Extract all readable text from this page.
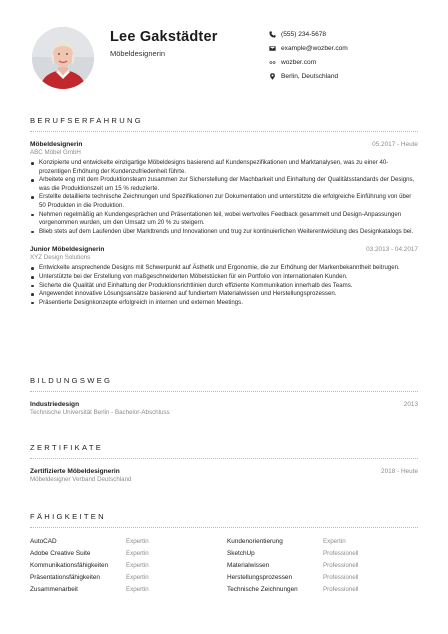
Lee Gakstädter
Möbeldesignerin
(555) 234-5678
example@wozber.com
wozber.com
Berlin, Deutschland
BERUFSERFAHRUNG
Möbeldesignerin	05.2017 - Heute
ABC Möbel GmbH
Konzipierte und entwickelte einzigartige Möbeldesigns basierend auf Kundenspezifikationen und Marktanalysen, was zu einer 40-prozentigen Erhöhung der Kundenzufriedenheit führte.
Arbeitete eng mit dem Produktionsteam zusammen zur Sicherstellung der Machbarkeit und Einhaltung der Qualitätsstandards der Designs, was die Produktionszeit um 15 % reduzierte.
Erstellte detaillierte technische Zeichnungen und Spezifikationen zur Dokumentation und unterstützte die erfolgreiche Einführung von über 50 Produkten in die Produktion.
Nehmen regelmäßig an Kundengesprächen und Präsentationen teil, wobei wertvolles Feedback gesammelt und Design-Anpassungen vorgenommen wurden, um den Umsatz um 20 % zu steigern.
Blieb stets auf dem Laufenden über Markttrends und Innovationen und trug zur kontinuierlichen Weiterentwicklung des Designkatalogs bei.
Junior Möbeldesignerin	03.2013 - 04.2017
XYZ Design Solutions
Entwickelte ansprechende Designs mit Schwerpunkt auf Ästhetik und Ergonomie, die zur Erhöhung der Markenbekanntheit beitrugen.
Unterstützte bei der Erstellung von maßgeschneiderten Möbelstücken für ein Portfolio von internationalen Kunden.
Sicherte die Qualität und Einhaltung der Produktionsrichtlinien durch effiziente Kommunikation innerhalb des Teams.
Angewendet innovative Lösungsansätze basierend auf fundiertem Materialwissen und Herstellungsprozessen.
Präsentierte Designkonzepte erfolgreich in internen und externen Meetings.
BILDUNGSWEG
Industriedesign	2013
Technische Universität Berlin - Bachelor-Abschluss
ZERTIFIKATE
Zertifizierte Möbeldesignerin	2018 - Heute
Möbeldesigner Verband Deutschland
FÄHIGKEITEN
AutoCAD	Expertin	Kundenorientierung	Expertin
Adobe Creative Suite	Expertin	SketchUp	Professionell
Kommunikationsfähigkeiten	Expertin	Materialwissen	Professionell
Präsentationsfähigkeiten	Expertin	Herstellungsprozessen	Professionell
Zusammenarbeit	Expertin	Technische Zeichnungen	Professionell
